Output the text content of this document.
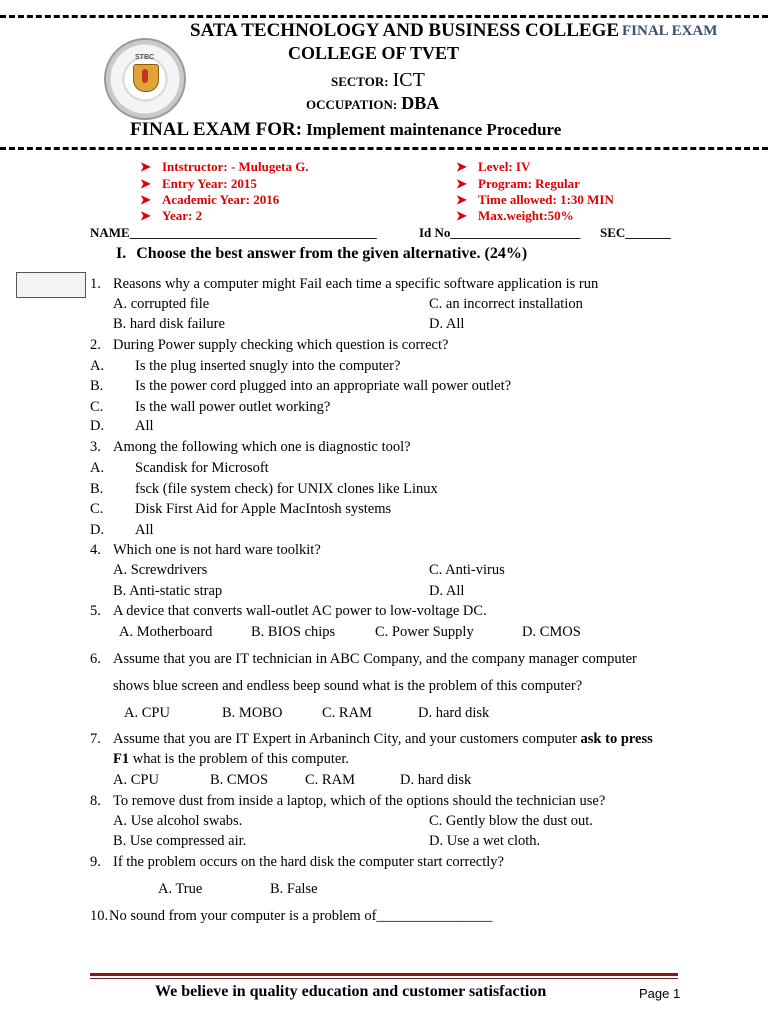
STBC
SATA TECHNOLOGY AND BUSINESS COLLEGE FINAL EXAM
COLLEGE OF TVET
SECTOR: ICT
OCCUPATION: DBA
FINAL EXAM FOR: Implement maintenance Procedure
➤ Intstructor: - Mulugeta G.
➤ Entry Year: 2015
➤ Academic Year: 2016
➤ Year: 2
➤ Level: IV
➤ Program: Regular
➤ Time allowed: 1:30 MIN
➤ Max.weight:50%
NAME______________________________________	Id No____________________ SEC_______
I. Choose the best answer from the given alternative. (24%)
1. Reasons why a computer might Fail each time a specific software application is run
A. corrupted file	C. an incorrect installation
B. hard disk failure	D. All
2. During Power supply checking which question is correct?
A. Is the plug inserted snugly into the computer?
B. Is the power cord plugged into an appropriate wall power outlet?
C. Is the wall power outlet working?
D. All
3. Among the following which one is diagnostic tool?
A. Scandisk for Microsoft
B. fsck (file system check) for UNIX clones like Linux
C. Disk First Aid for Apple MacIntosh systems
D. All
4. Which one is not hard ware toolkit?
A. Screwdrivers	C. Anti-virus
B. Anti-static strap	D. All
5. A device that converts wall-outlet AC power to low-voltage DC.
A. Motherboard	B. BIOS chips	C. Power Supply	D. CMOS
6. Assume that you are IT technician in ABC Company, and the company manager computer
shows blue screen and endless beep sound what is the problem of this computer?
A. CPU	B. MOBO	C. RAM	D. hard disk
7. Assume that you are IT Expert in Arbaninch City, and your customers computer ask to press
F1 what is the problem of this computer.
A. CPU	B. CMOS	C. RAM	D. hard disk
8. To remove dust from inside a laptop, which of the options should the technician use?
A. Use alcohol swabs.	C. Gently blow the dust out.
B. Use compressed air.	D. Use a wet cloth.
9. If the problem occurs on the hard disk the computer start correctly?
A. True	B. False
10. No sound from your computer is a problem of________________
We believe in quality education and customer satisfaction	Page 1
